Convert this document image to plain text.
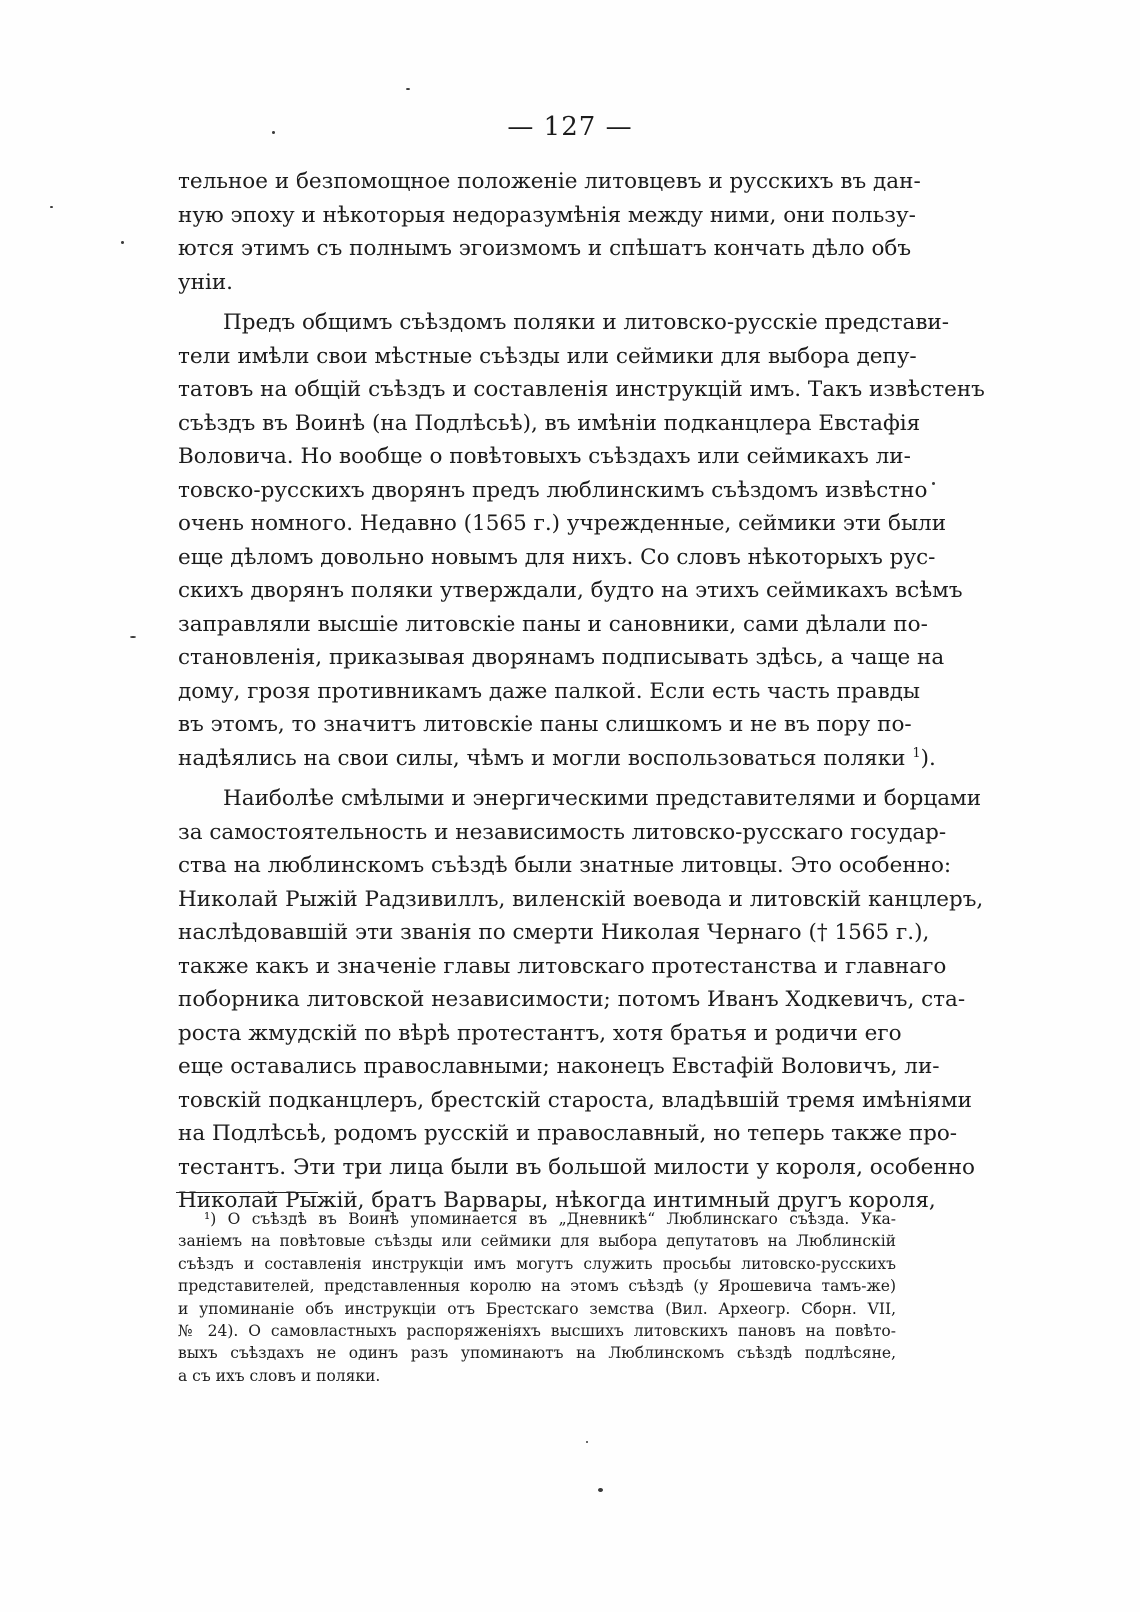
— 127 —
тельное и безпомощное положеніе литовцевъ и русскихъ въ дан-
ную эпоху и нѣкоторыя недоразумѣнія между ними, они пользу-
ются этимъ съ полнымъ эгоизмомъ и спѣшатъ кончать дѣло объ
уніи.
Предъ общимъ съѣздомъ поляки и литовско-русскіе представи-
тели имѣли свои мѣстные съѣзды или сеймики для выбора депу-
татовъ на общій съѣздъ и составленія инструкцій имъ. Такъ извѣстенъ
съѣздъ въ Воинѣ (на Подлѣсьѣ), въ имѣніи подканцлера Евстафія
Воловича. Но вообще о повѣтовыхъ съѣздахъ или сеймикахъ ли-
товско-русскихъ дворянъ предъ люблинскимъ съѣздомъ извѣстно
очень номного. Недавно (1565 г.) учрежденные, сеймики эти были
еще дѣломъ довольно новымъ для нихъ. Со словъ нѣкоторыхъ рус-
скихъ дворянъ поляки утверждали, будто на этихъ сеймикахъ всѣмъ
заправляли высшіе литовскіе паны и сановники, сами дѣлали по-
становленія, приказывая дворянамъ подписывать здѣсь, а чаще на
дому, грозя противникамъ даже палкой. Если есть часть правды
въ этомъ, то значитъ литовскіе паны слишкомъ и не въ пору по-
надѣялись на свои силы, чѣмъ и могли воспользоваться поляки $^1$).
Наиболѣе смѣлыми и энергическими представителями и борцами
за самостоятельность и независимость литовско-русскаго государ-
ства на люблинскомъ съѣздѣ были знатные литовцы. Это особенно:
Николай Рыжій Радзивиллъ, виленскій воевода и литовскій канцлеръ,
наслѣдовавшій эти званія по смерти Николая Чернаго († 1565 г.),
также какъ и значеніе главы литовскаго протестанства и главнаго
поборника литовской независимости; потомъ Иванъ Ходкевичъ, ста-
роста жмудскій по вѣрѣ протестантъ, хотя братья и родичи его
еще оставались православными; наконецъ Евстафій Воловичъ, ли-
товскій подканцлеръ, брестскій староста, владѣвшій тремя имѣніями
на Подлѣсьѣ, родомъ русскій и православный, но теперь также про-
тестантъ. Эти три лица были въ большой милости у короля, особенно
Николай Рыжій, братъ Варвары, нѣкогда интимный другъ короля,
¹) О съѣздѣ въ Воинѣ упоминается въ „Дневникѣ“ Люблинскаго съѣзда. Ука-
заніемъ на повѣтовые съѣзды или сеймики для выбора депутатовъ на Люблинскій
съѣздъ и составленія инструкціи имъ могутъ служить просьбы литовско-русскихъ
представителей, представленныя королю на этомъ съѣздѣ (у Ярошевича тамъ-же)
и упоминаніе объ инструкціи отъ Брестскаго земства (Вил. Археогр. Сборн. VII,
№ 24). О самовластныхъ распоряженіяхъ высшихъ литовскихъ пановъ на повѣто-
выхъ съѣздахъ не одинъ разъ упоминаютъ на Люблинскомъ съѣздѣ подлѣсяне,
а съ ихъ словъ и поляки.
